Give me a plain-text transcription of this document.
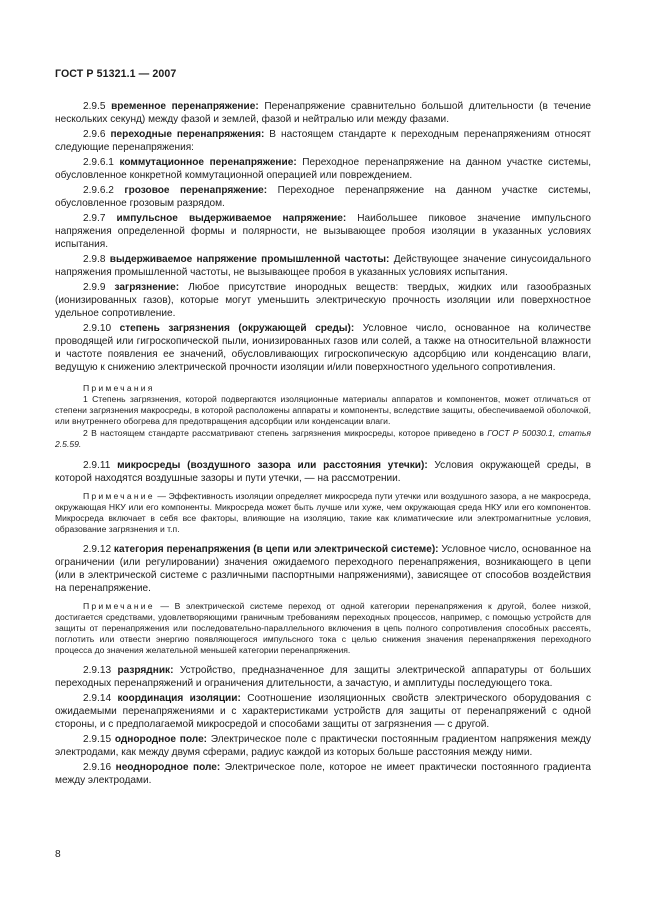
ГОСТ Р 51321.1 — 2007

2.9.5 временное перенапряжение: Перенапряжение сравнительно большой длительности (в течение нескольких секунд) между фазой и землей, фазой и нейтралью или между фазами.

2.9.6 переходные перенапряжения: В настоящем стандарте к переходным перенапряжениям относят следующие перенапряжения:

2.9.6.1 коммутационное перенапряжение: Переходное перенапряжение на данном участке системы, обусловленное конкретной коммутационной операцией или повреждением.

2.9.6.2 грозовое перенапряжение: Переходное перенапряжение на данном участке системы, обусловленное грозовым разрядом.

2.9.7 импульсное выдерживаемое напряжение: Наибольшее пиковое значение импульсного напряжения определенной формы и полярности, не вызывающее пробоя изоляции в указанных условиях испытания.

2.9.8 выдерживаемое напряжение промышленной частоты: Действующее значение синусоидального напряжения промышленной частоты, не вызывающее пробоя в указанных условиях испытания.

2.9.9 загрязнение: Любое присутствие инородных веществ: твердых, жидких или газообразных (ионизированных газов), которые могут уменьшить электрическую прочность изоляции или поверхностное удельное сопротивление.

2.9.10 степень загрязнения (окружающей среды): Условное число, основанное на количестве проводящей или гигроскопической пыли, ионизированных газов или солей, а также на относительной влажности и частоте появления ее значений, обусловливающих гигроскопическую адсорбцию или конденсацию влаги, ведущую к снижению электрической прочности изоляции и/или поверхностного удельного сопротивления.

Примечания

1 Степень загрязнения, которой подвергаются изоляционные материалы аппаратов и компонентов, может отличаться от степени загрязнения макросреды, в которой расположены аппараты и компоненты, вследствие защиты, обеспечиваемой оболочкой, или внутреннего обогрева для предотвращения адсорбции или конденсации влаги.

2 В настоящем стандарте рассматривают степень загрязнения микросреды, которое приведено в ГОСТ Р 50030.1, статья 2.5.59.

2.9.11 микросреды (воздушного зазора или расстояния утечки): Условия окружающей среды, в которой находятся воздушные зазоры и пути утечки, — на рассмотрении.

Примечание — Эффективность изоляции определяет микросреда пути утечки или воздушного зазора, а не макросреда, окружающая НКУ или его компоненты. Микросреда может быть лучше или хуже, чем окружающая среда НКУ или его компонентов. Микросреда включает в себя все факторы, влияющие на изоляцию, такие как климатические или электромагнитные условия, образование загрязнения и т.п.

2.9.12 категория перенапряжения (в цепи или электрической системе): Условное число, основанное на ограничении (или регулировании) значения ожидаемого переходного перенапряжения, возникающего в цепи (или в электрической системе с различными паспортными напряжениями), зависящее от способов воздействия на перенапряжение.

Примечание — В электрической системе переход от одной категории перенапряжения к другой, более низкой, достигается средствами, удовлетворяющими граничным требованиям переходных процессов, например, с помощью устройств для защиты от перенапряжения или последовательно-параллельного включения в цепь полного сопротивления способных рассеять, поглотить или отвести энергию появляющегося импульсного тока с целью снижения значения перенапряжения переходного процесса до значения желательной меньшей категории перенапряжения.

2.9.13 разрядник: Устройство, предназначенное для защиты электрической аппаратуры от больших переходных перенапряжений и ограничения длительности, а зачастую, и амплитуды последующего тока.

2.9.14 координация изоляции: Соотношение изоляционных свойств электрического оборудования с ожидаемыми перенапряжениями и с характеристиками устройств для защиты от перенапряжений с одной стороны, и с предполагаемой микросредой и способами защиты от загрязнения — с другой.

2.9.15 однородное поле: Электрическое поле с практически постоянным градиентом напряжения между электродами, как между двумя сферами, радиус каждой из которых больше расстояния между ними.

2.9.16 неоднородное поле: Электрическое поле, которое не имеет практически постоянного градиента между электродами.

8
